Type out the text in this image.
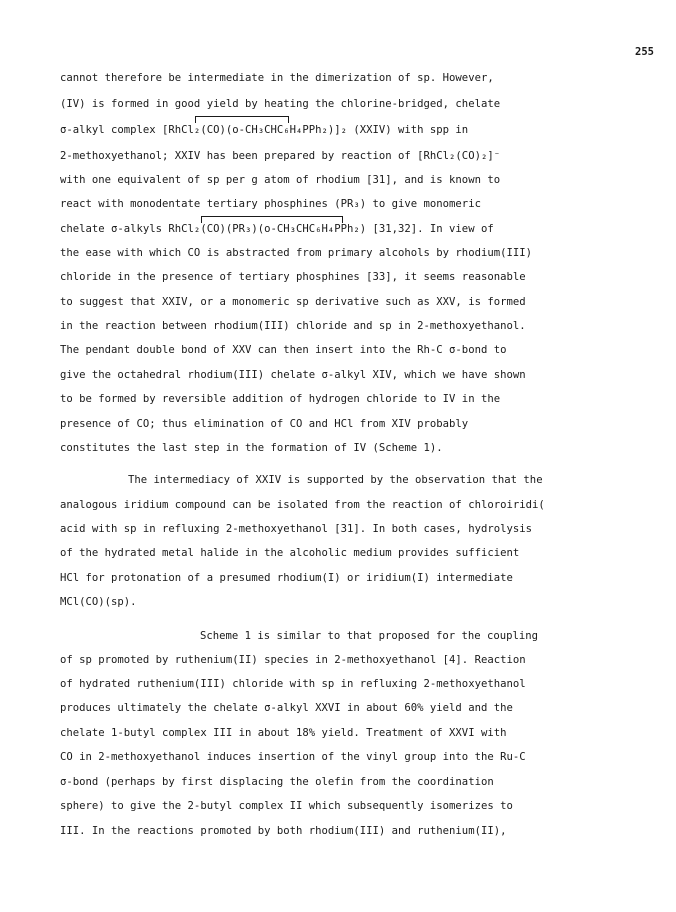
255
cannot therefore be intermediate in the dimerization of sp. However,
(IV) is formed in good yield by heating the chlorine-bridged, chelate
σ-alkyl complex [RhCl₂(CO)(o-CH₃CHC₆H₄PPh₂)]₂ (XXIV) with spp in
2-methoxyethanol; XXIV has been prepared by reaction of [RhCl₂(CO)₂]⁻
with one equivalent of sp per g atom of rhodium [31], and is known to
react with monodentate tertiary phosphines (PR₃) to give monomeric
chelate σ-alkyls RhCl₂(CO)(PR₃)(o-CH₃CHC₆H₄PPh₂) [31,32]. In view of
the ease with which CO is abstracted from primary alcohols by rhodium(III)
chloride in the presence of tertiary phosphines [33], it seems reasonable
to suggest that XXIV, or a monomeric sp derivative such as XXV, is formed
in the reaction between rhodium(III) chloride and sp in 2-methoxyethanol.
The pendant double bond of XXV can then insert into the Rh-C σ-bond to
give the octahedral rhodium(III) chelate σ-alkyl XIV, which we have shown
to be formed by reversible addition of hydrogen chloride to IV in the
presence of CO; thus elimination of CO and HCl from XIV probably
constitutes the last step in the formation of IV (Scheme 1).
The intermediacy of XXIV is supported by the observation that the
analogous iridium compound can be isolated from the reaction of chloroiridi(
acid with sp in refluxing 2-methoxyethanol [31]. In both cases, hydrolysis
of the hydrated metal halide in the alcoholic medium provides sufficient
HCl for protonation of a presumed rhodium(I) or iridium(I) intermediate
MCl(CO)(sp).
Scheme 1 is similar to that proposed for the coupling
of sp promoted by ruthenium(II) species in 2-methoxyethanol [4]. Reaction
of hydrated ruthenium(III) chloride with sp in refluxing 2-methoxyethanol
produces ultimately the chelate σ-alkyl XXVI in about 60% yield and the
chelate 1-butyl complex III in about 18% yield. Treatment of XXVI with
CO in 2-methoxyethanol induces insertion of the vinyl group into the Ru-C
σ-bond (perhaps by first displacing the olefin from the coordination
sphere) to give the 2-butyl complex II which subsequently isomerizes to
III. In the reactions promoted by both rhodium(III) and ruthenium(II),
